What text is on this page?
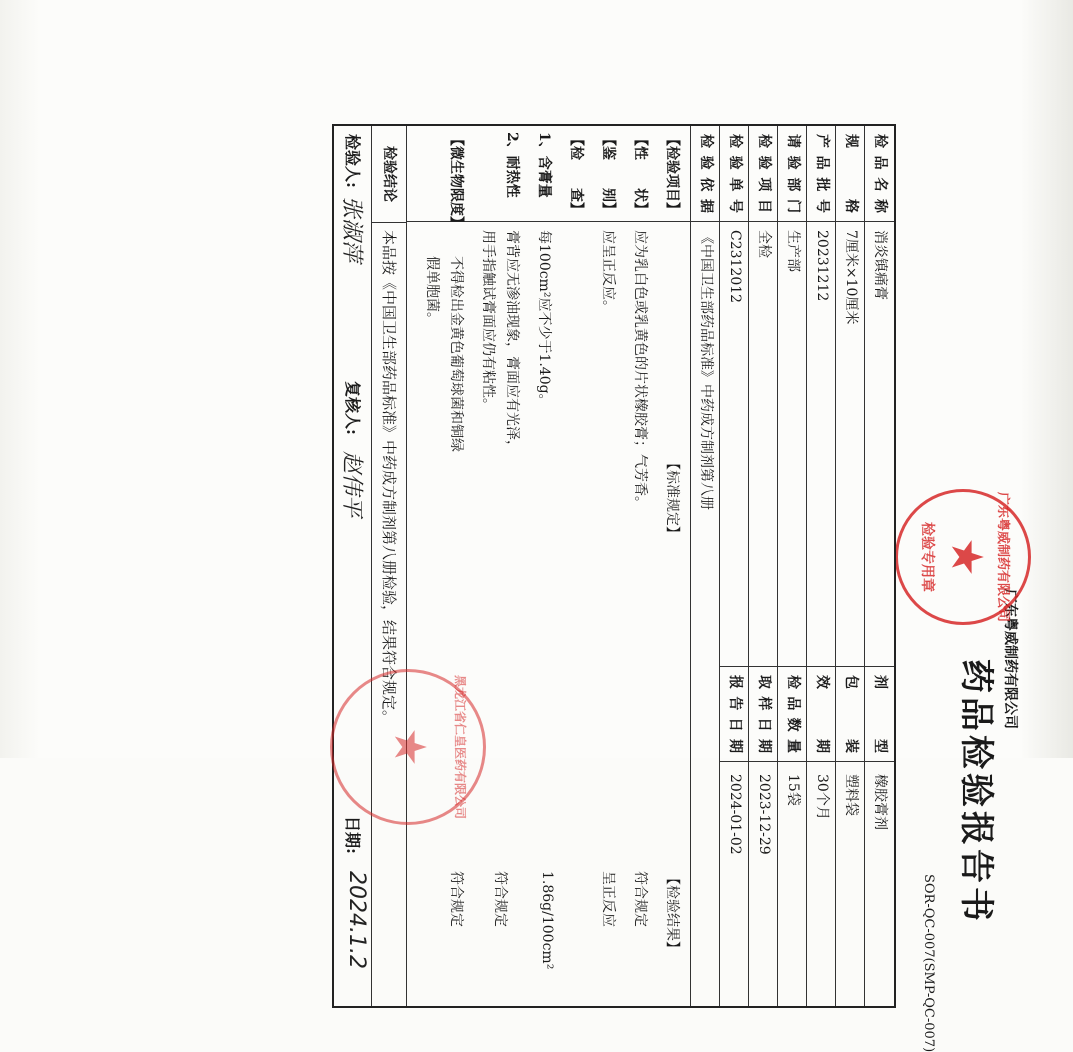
广东粤威制药有限公司
药品检验报告书
SOR-QC-007(SMP-QC-007)
广东粤威制药有限公司
★
检验专用章
检品名称
消炎镇痛膏
剂　　型
橡胶膏剂
规　　格
7厘米×10厘米
包　　装
塑料袋
产品批号
20231212
效　　期
30个月
请验部门
生产部
检品数量
15袋
检验项目
全检
取样日期
2023-12-29
检验单号
C2312012
报告日期
2024-01-02
检验依据
《中国卫生部药品标准》中药成方制剂第八册
【检验项目】
【标准规定】
【检验结果】
【性　　状】
应为乳白色或乳黄色的片状橡胶膏；气芳香。
符合规定
【鉴　　别】
应呈正反应。
呈正反应
【检　　查】
1、含膏量
每100cm²应不少于1.40g。
1.86g/100cm²
2、耐热性
膏背应无渗油现象，膏面应有光泽，
用手指触试膏面应仍有粘性。
符合规定
【微生物限度】
不得检出金黄色葡萄球菌和铜绿
假单胞菌。
符合规定
检验结论
本品按《中国卫生部药品标准》中药成方制剂第八册检验，结果符合规定。
检验人:
张淑萍
复核人:
赵伟平
日期:
2024.1.2
黑龙江省仁皇医药有限公司
★
